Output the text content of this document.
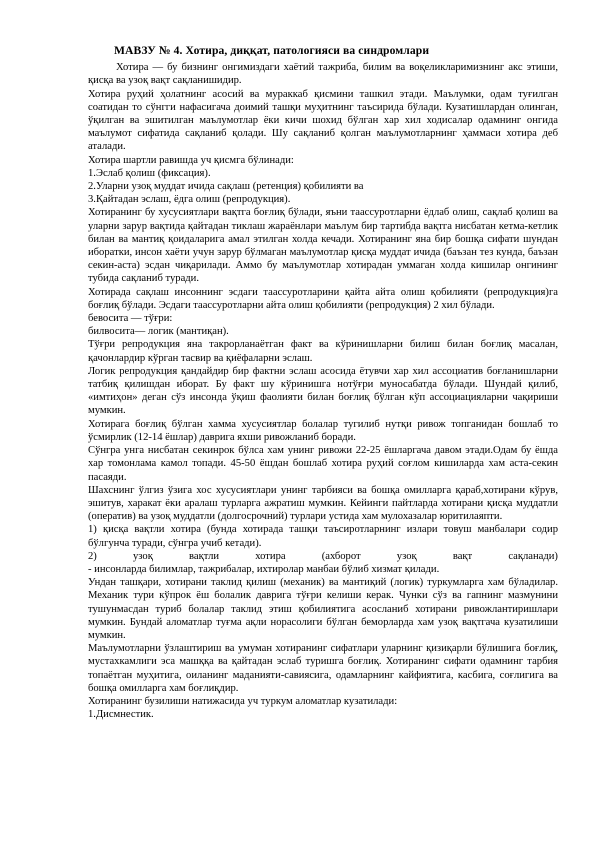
МАВЗУ № 4. Хотира, диққат, патологияси ва синдромлари

Хотира — бу бизнинг онгимиздаги хаётий тажриба, билим ва воқеликларимизнинг акс этиши, қисқа ва узоқ вақт сақланишидир.

Хотира руҳий ҳолатнинг асосий ва мураккаб қисмини ташкил этади. Маълумки, одам туғилган соатидан то сўнгги нафасигача доимий ташқи муҳитнинг таъсирида бўлади. Кузатишлардан олинган, ўқилган ва эшитилган маълумотлар ёки кичи шохид бўлган хар хил ходисалар одамнинг онгида маълумот сифатида сақланиб қолади. Шу сақланиб қолган маълумотларнинг ҳаммаси хотира деб аталади.

Хотира шартли равишда уч қисмга бўлинади:

1.Эслаб қолиш (фиксация).

2.Уларни узоқ муддат ичида сақлаш (ретенция) қобилияти ва

3.Қайтадан эслаш, ёдга олиш (репродукция).

Хотиранинг бу хусусиятлари вақтга боғлиқ бўлади, яъни таассуротларни ёдлаб олиш, сақлаб қолиш ва уларни зарур вақтида қайтадан тиклаш жараёнлари маълум бир тартибда вақтга нисбатан кетма-кетлик билан ва мантиқ қоидаларига амал этилган холда кечади. Хотиранинг яна бир бошқа сифати шундан иборатки, инсон хаёти учун зарур бўлмаган маълумотлар қисқа муддат ичида (баъзан тез кунда, баъзан секин-аста) эсдан чиқарилади. Аммо бу маълумотлар хотирадан уммаган холда кишилар онгининг тубида сақланиб туради.

Хотирада сақлаш инсоннинг эсдаги таассуротларини қайта айта олиш қобилияти (репродукция)га боғлиқ бўлади. Эсдаги таассуротларни айта олиш қобилияти (репродукция) 2 хил бўлади.

бевосита — тўғри:

билвосита— логик (мантиқан).

Тўғри репродукция яна такрорланаётган факт ва кўринишларни билиш билан боғлиқ масалан, қачонлардир кўрган тасвир ва қиёфаларни эслаш.

Логик репродукция қандайдир бир фактни эслаш асосида ётувчи хар хил ассоциатив боғланишларни татбиқ қилишдан иборат. Бу факт шу кўринишга нотўғри муносабатда бўлади. Шундай қилиб, «имтиҳон» деган сўз инсонда ўқиш фаолияти билан боғлиқ бўлган кўп ассоциацияларни чақириши мумкин.

Хотирага боғлиқ бўлган хамма хусусиятлар болалар тугилиб нутқи ривож топганидан бошлаб то ўсмирлик (12-14 ёшлар) даврига яхши ривожланиб боради.

Сўнгра унга нисбатан секинрок бўлса хам унинг ривожи 22-25 ёшларгача давом этади.Одам бу ёшда хар томонлама камол топади. 45-50 ёшдан бошлаб хотира руҳий соғлом кишиларда хам аста-секин пасаяди.

Шахснинг ўлгиз ўзига хос хусусиятлари унинг тарбияси ва бошқа омилларга қараб,хотирани кўрув, эшитув, харакат ёки аралаш турларга ажратиш мумкин. Кейинги пайтларда хотирани қисқа муддатли (оператив) ва узоқ муддатли (долгосрочний) турлари устида хам мулохазалар юритилаяпти.

1) қисқа вақтли хотира (бунда хотирада ташқи таъсиротларнинг излари товуш манбалари содир бўлгунча туради, сўнгра учиб кетади).

2)	узоқ	вақтли	хотира	(ахборот	узоқ	вақт	сақланади)

- инсонларда билимлар, тажрибалар, ихтиролар манбаи бўлиб хизмат қилади.

Ундан ташқари, хотирани таклид қилиш (механик) ва мантиқий (логик) туркумларга хам бўладилар. Механик тури кўпрок ёш болалик даврига тўғри келиши керак. Чунки сўз ва гапнинг мазмунини тушунмасдан туриб болалар таклид этиш қобилиятига асосланиб хотирани ривожлантиришлари мумкин. Бундай аломатлар туғма ақли норасолиги бўлган беморларда хам узоқ вақтгача кузатилиши мумкин.

Маълумотларни ўзлаштириш ва умуман хотиранинг сифатлари уларнинг қизиқарли бўлишига боғлиқ, мустахкамлиги эса машққа ва қайтадан эслаб туришга боғлиқ. Хотиранинг сифати одамнинг тарбия топаётган муҳитига, оиланинг маданияти-савиясига, одамларнинг кайфиятига, касбига, соғлигига ва бошқа омилларга хам боғлиқдир.

Хотиранинг бузилиши натижасида уч туркум аломатлар кузатилади:

1.Дисмнестик.
